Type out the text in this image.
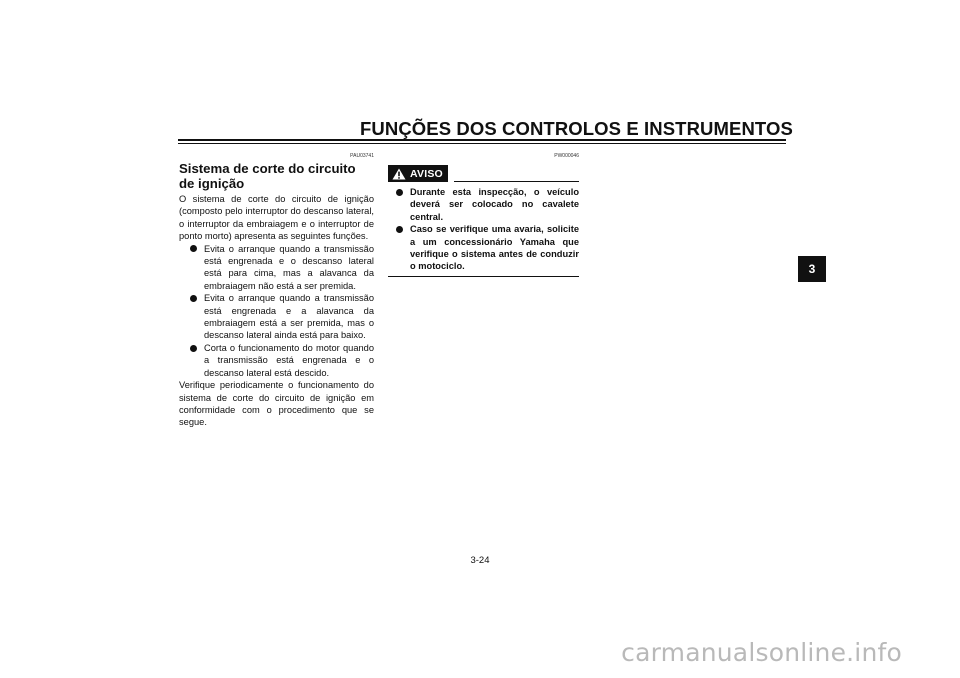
FUNÇÕES DOS CONTROLOS E INSTRUMENTOS
3
PAU03741
Sistema de corte do circuito de ignição

O sistema de corte do circuito de ignição (composto pelo interruptor do descanso lateral, o interruptor da embraiagem e o interruptor de ponto morto) apresenta as seguintes funções.

Evita o arranque quando a transmissão está engrenada e o descanso lateral está para cima, mas a alavanca da embraiagem não está a ser premida.
Evita o arranque quando a transmissão está engrenada e a alavanca da embraiagem está a ser premida, mas o descanso lateral ainda está para baixo.
Corta o funcionamento do motor quando a transmissão está engrenada e o descanso lateral está descido.

Verifique periodicamente o funcionamento do sistema de corte do circuito de ignição em conformidade com o procedimento que se segue.

PW000046
AVISO
Durante esta inspecção, o veículo deverá ser colocado no cavalete central.
Caso se verifique uma avaria, solicite a um concessionário Yamaha que verifique o sistema antes de conduzir o motociclo.
3-24
carmanualsonline.info
